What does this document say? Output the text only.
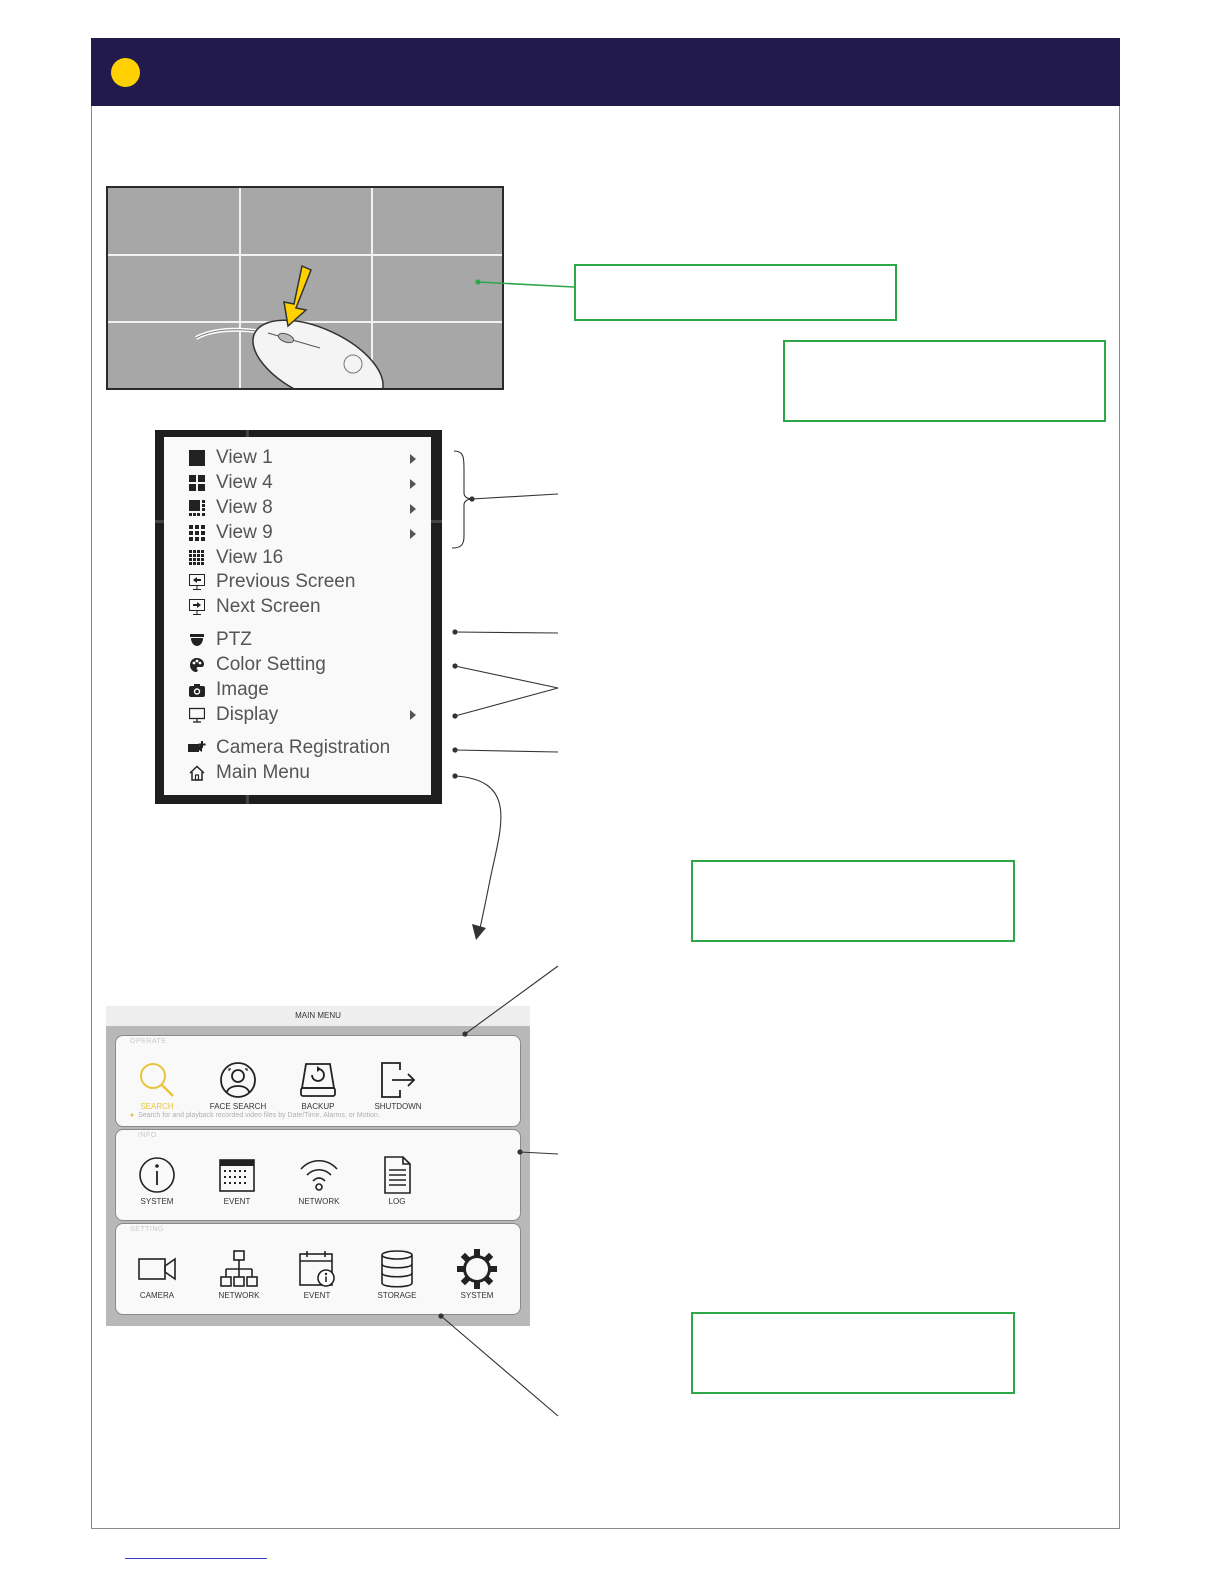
View 1
View 4
View 8
View 9
View 16
Previous Screen
Next Screen
PTZ
Color Setting
Image
Display
Camera Registration
Main Menu
MAIN MENU
OPERATE
SEARCH	FACE SEARCH	BACKUP	SHUTDOWN
● Search for and playback recorded video files by Date/Time, Alarms, or Motion.
INFO
SYSTEM	EVENT	NETWORK	LOG
SETTING
CAMERA	NETWORK	EVENT	STORAGE	SYSTEM
